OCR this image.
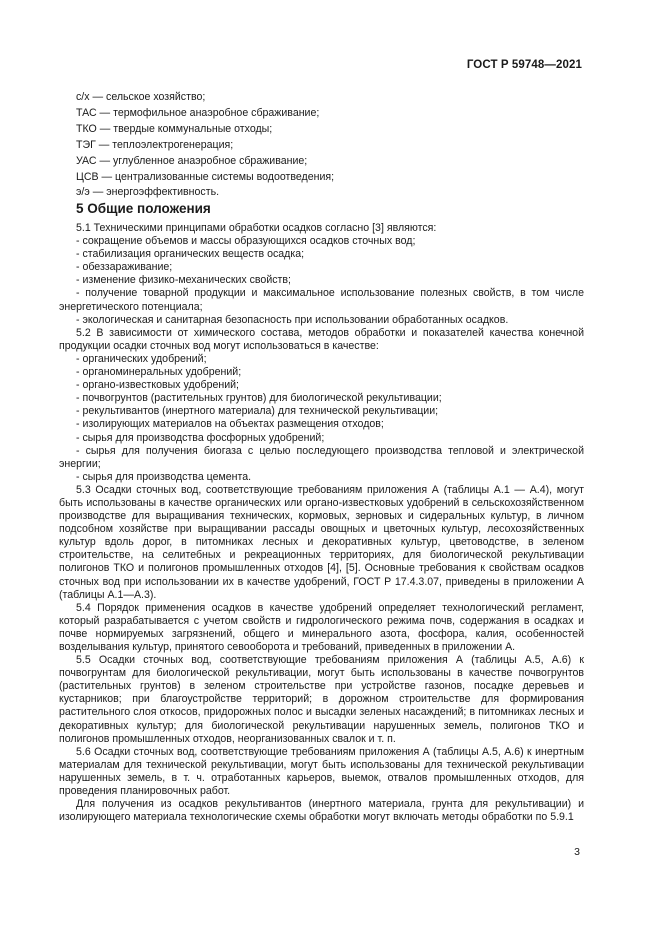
ГОСТ Р 59748—2021
с/х — сельское хозяйство;
ТАС — термофильное анаэробное сбраживание;
ТКО — твердые коммунальные отходы;
ТЭГ — теплоэлектрогенерация;
УАС — углубленное анаэробное сбраживание;
ЦСВ — централизованные системы водоотведения;
э/э — энергоэффективность.
5 Общие положения

5.1 Техническими принципами обработки осадков согласно [3] являются:

- сокращение объемов и массы образующихся осадков сточных вод;
- стабилизация органических веществ осадка;
- обеззараживание;
- изменение физико-механических свойств;

- получение товарной продукции и максимальное использование полезных свойств, в том числе энергетического потенциала;

- экологическая и санитарная безопасность при использовании обработанных осадков.

5.2 В зависимости от химического состава, методов обработки и показателей качества конечной продукции осадки сточных вод могут использоваться в качестве:

- органических удобрений;
- органоминеральных удобрений;
- органо-известковых удобрений;
- почвогрунтов (растительных грунтов) для биологической рекультивации;
- рекультивантов (инертного материала) для технической рекультивации;
- изолирующих материалов на объектах размещения отходов;
- сырья для производства фосфорных удобрений;

- сырья для получения биогаза с целью последующего производства тепловой и электрической энергии;

- сырья для производства цемента.

5.3 Осадки сточных вод, соответствующие требованиям приложения А (таблицы А.1 — А.4), могут быть использованы в качестве органических или органо-известковых удобрений в сельскохозяйственном производстве для выращивания технических, кормовых, зерновых и сидеральных культур, в личном подсобном хозяйстве при выращивании рассады овощных и цветочных культур, лесохозяйственных культур вдоль дорог, в питомниках лесных и декоративных культур, цветоводстве, в зеленом строительстве, на селитебных и рекреационных территориях, для биологической рекультивации полигонов ТКО и полигонов промышленных отходов [4], [5]. Основные требования к свойствам осадков сточных вод при использовании их в качестве удобрений, ГОСТ Р 17.4.3.07, приведены в приложении А (таблицы А.1—А.3).

5.4 Порядок применения осадков в качестве удобрений определяет технологический регламент, который разрабатывается с учетом свойств и гидрологического режима почв, содержания в осадках и почве нормируемых загрязнений, общего и минерального азота, фосфора, калия, особенностей возделывания культур, принятого севооборота и требований, приведенных в приложении А.

5.5 Осадки сточных вод, соответствующие требованиям приложения А (таблицы А.5, А.6) к почвогрунтам для биологической рекультивации, могут быть использованы в качестве почвогрунтов (растительных грунтов) в зеленом строительстве при устройстве газонов, посадке деревьев и кустарников; при благоустройстве территорий; в дорожном строительстве для формирования растительного слоя откосов, придорожных полос и высадки зеленых насаждений; в питомниках лесных и декоративных культур; для биологической рекультивации нарушенных земель, полигонов ТКО и полигонов промышленных отходов, неорганизованных свалок и т. п.

5.6 Осадки сточных вод, соответствующие требованиям приложения А (таблицы А.5, А.6) к инертным материалам для технической рекультивации, могут быть использованы для технической рекультивации нарушенных земель, в т. ч. отработанных карьеров, выемок, отвалов промышленных отходов, для проведения планировочных работ.

Для получения из осадков рекультивантов (инертного материала, грунта для рекультивации) и изолирующего материала технологические схемы обработки могут включать методы обработки по 5.9.1

3
